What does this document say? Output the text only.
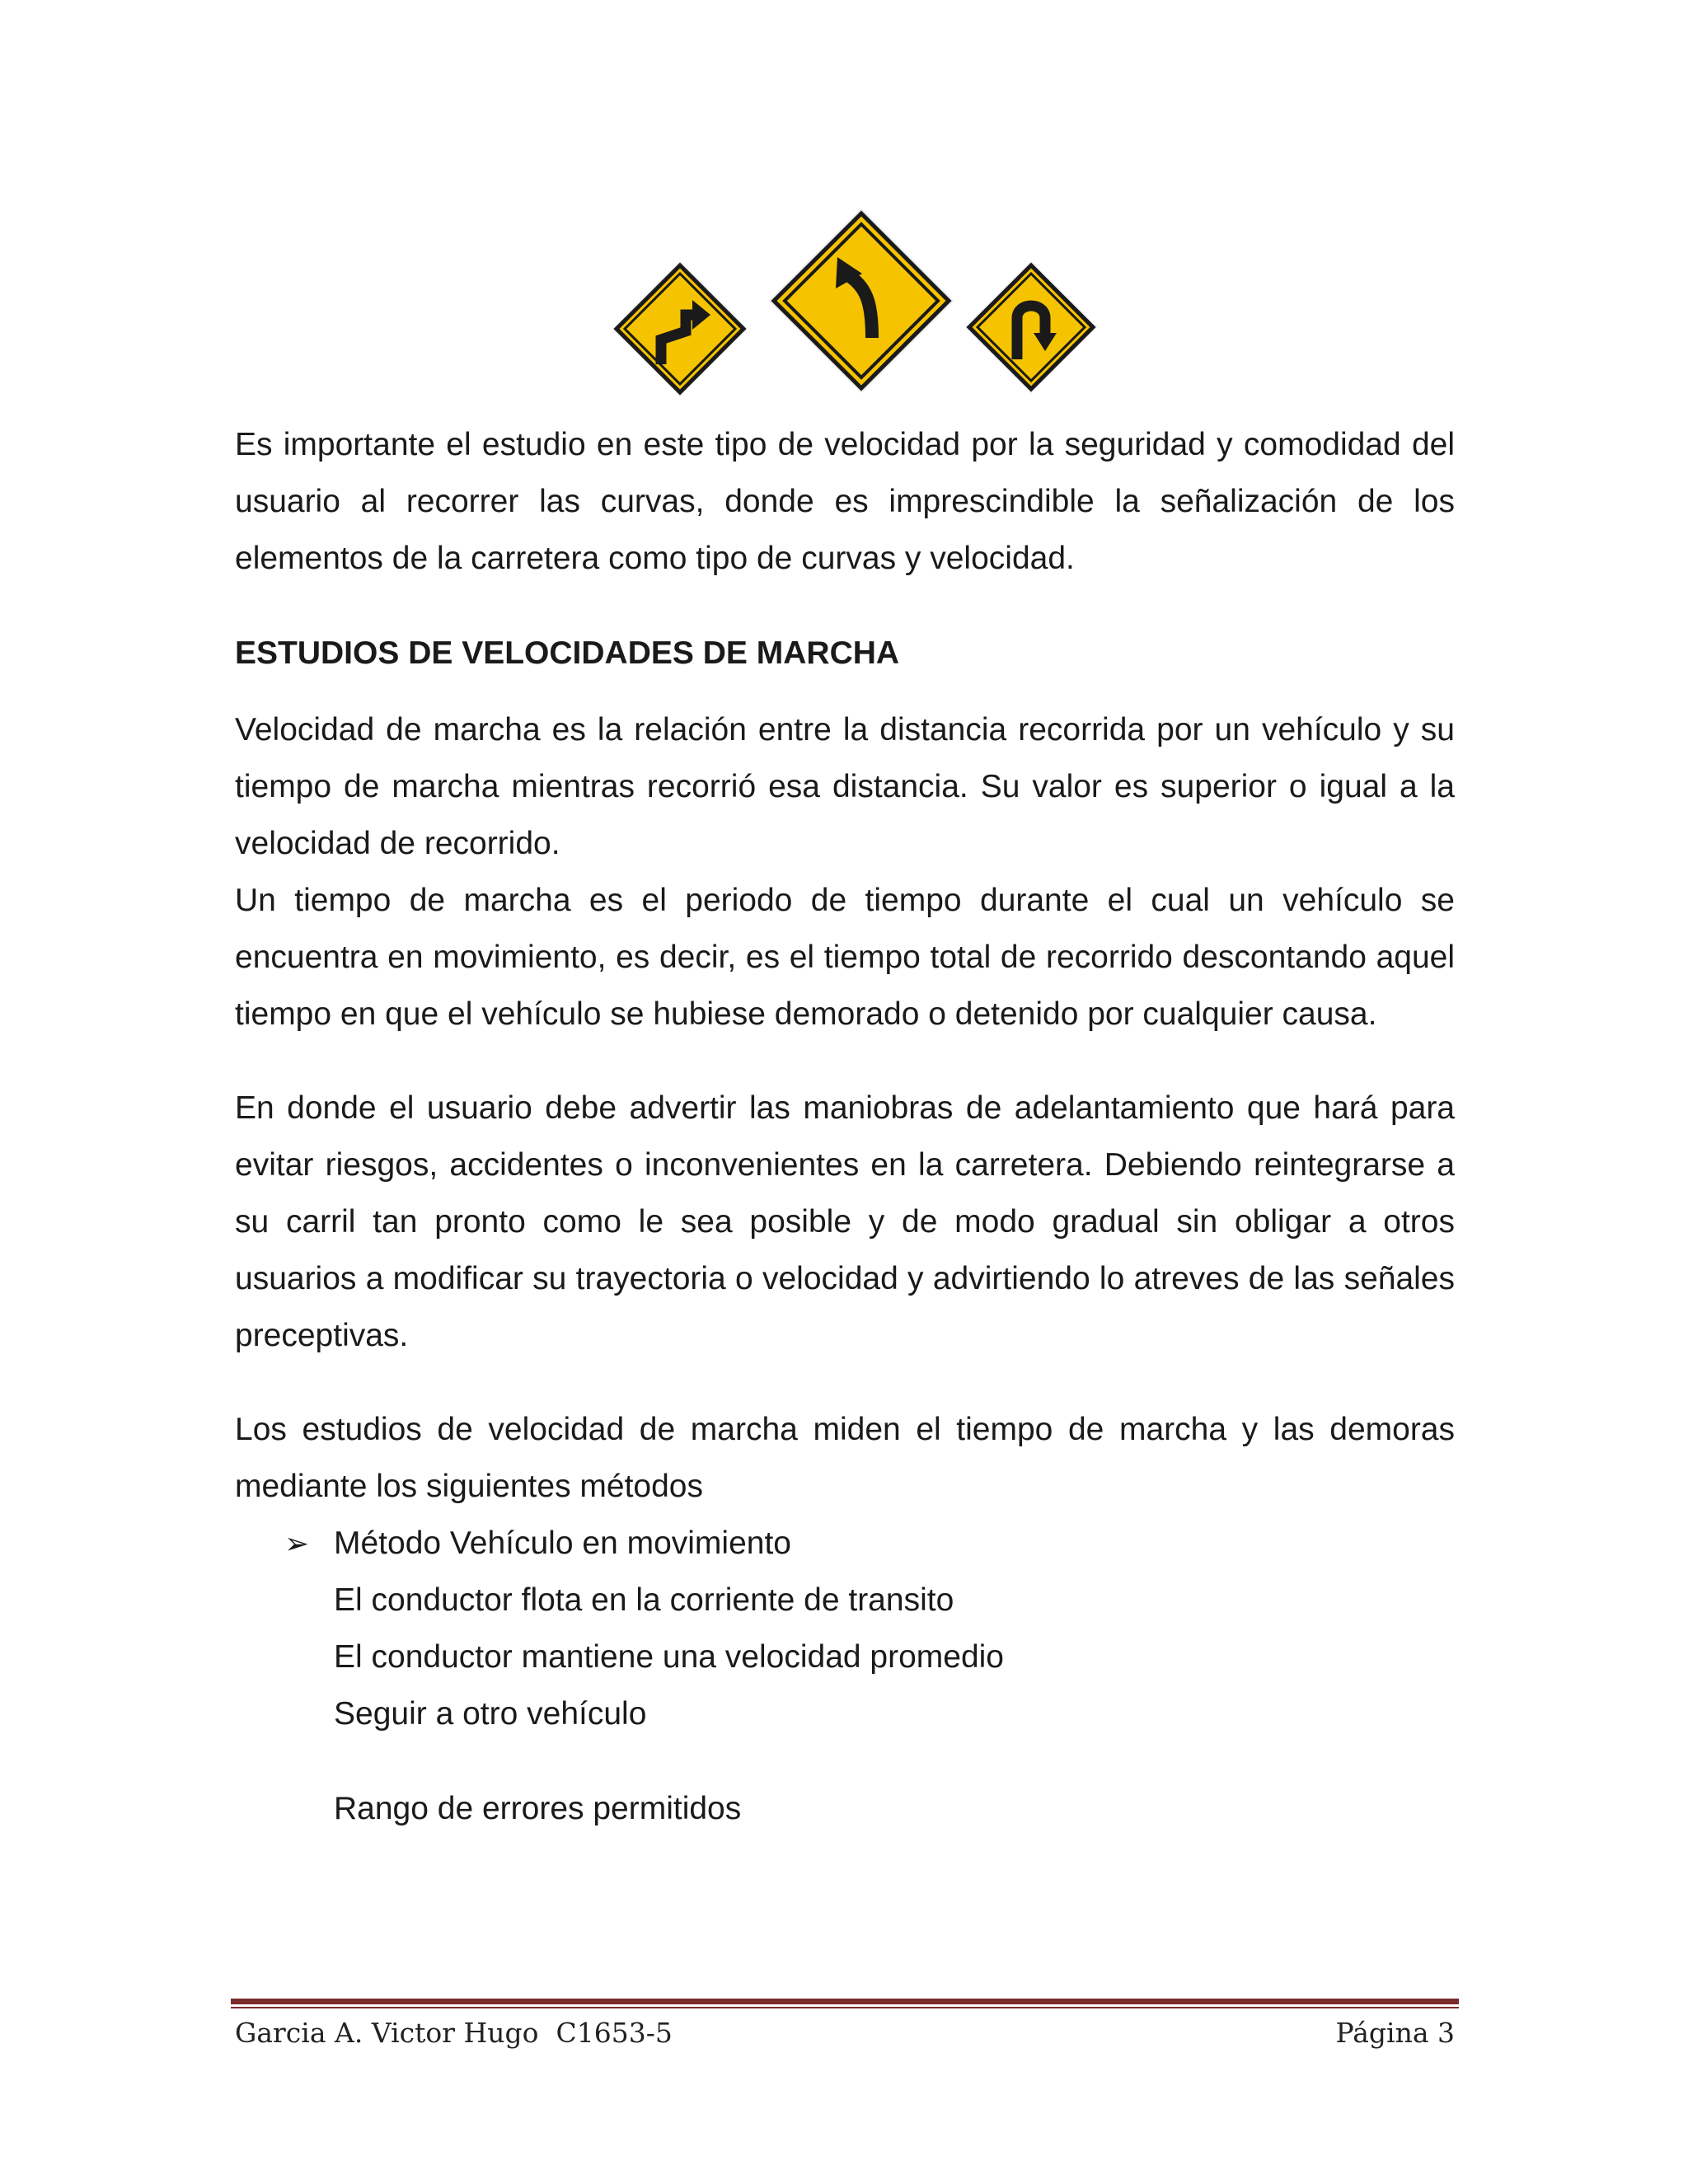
Es importante el estudio en este tipo de velocidad por la seguridad y comodidad del usuario al recorrer las curvas, donde es imprescindible la señalización de los elementos de la carretera como tipo de curvas y velocidad.

ESTUDIOS DE VELOCIDADES DE MARCHA

Velocidad de marcha es la relación entre la distancia recorrida por un vehículo y su tiempo de marcha mientras recorrió esa distancia. Su valor es superior o igual a la velocidad de recorrido.

Un tiempo de marcha es el periodo de tiempo durante el cual un vehículo se encuentra en movimiento, es decir, es el tiempo total de recorrido descontando aquel tiempo en que el vehículo se hubiese demorado o detenido por cualquier causa.

En donde el usuario debe advertir las maniobras de adelantamiento que hará para evitar riesgos, accidentes o inconvenientes en la carretera. Debiendo reintegrarse a su carril tan pronto como le sea posible y de modo gradual sin obligar a otros usuarios a modificar su trayectoria o velocidad y advirtiendo lo atreves de las señales preceptivas.

Los estudios de velocidad de marcha miden el tiempo de marcha y las demoras mediante los siguientes métodos

➢ Método Vehículo en movimiento
El conductor flota en la corriente de transito
El conductor mantiene una velocidad promedio
Seguir a otro vehículo
Rango de errores permitidos
Garcia A. Victor Hugo  C1653-5	Página 3
